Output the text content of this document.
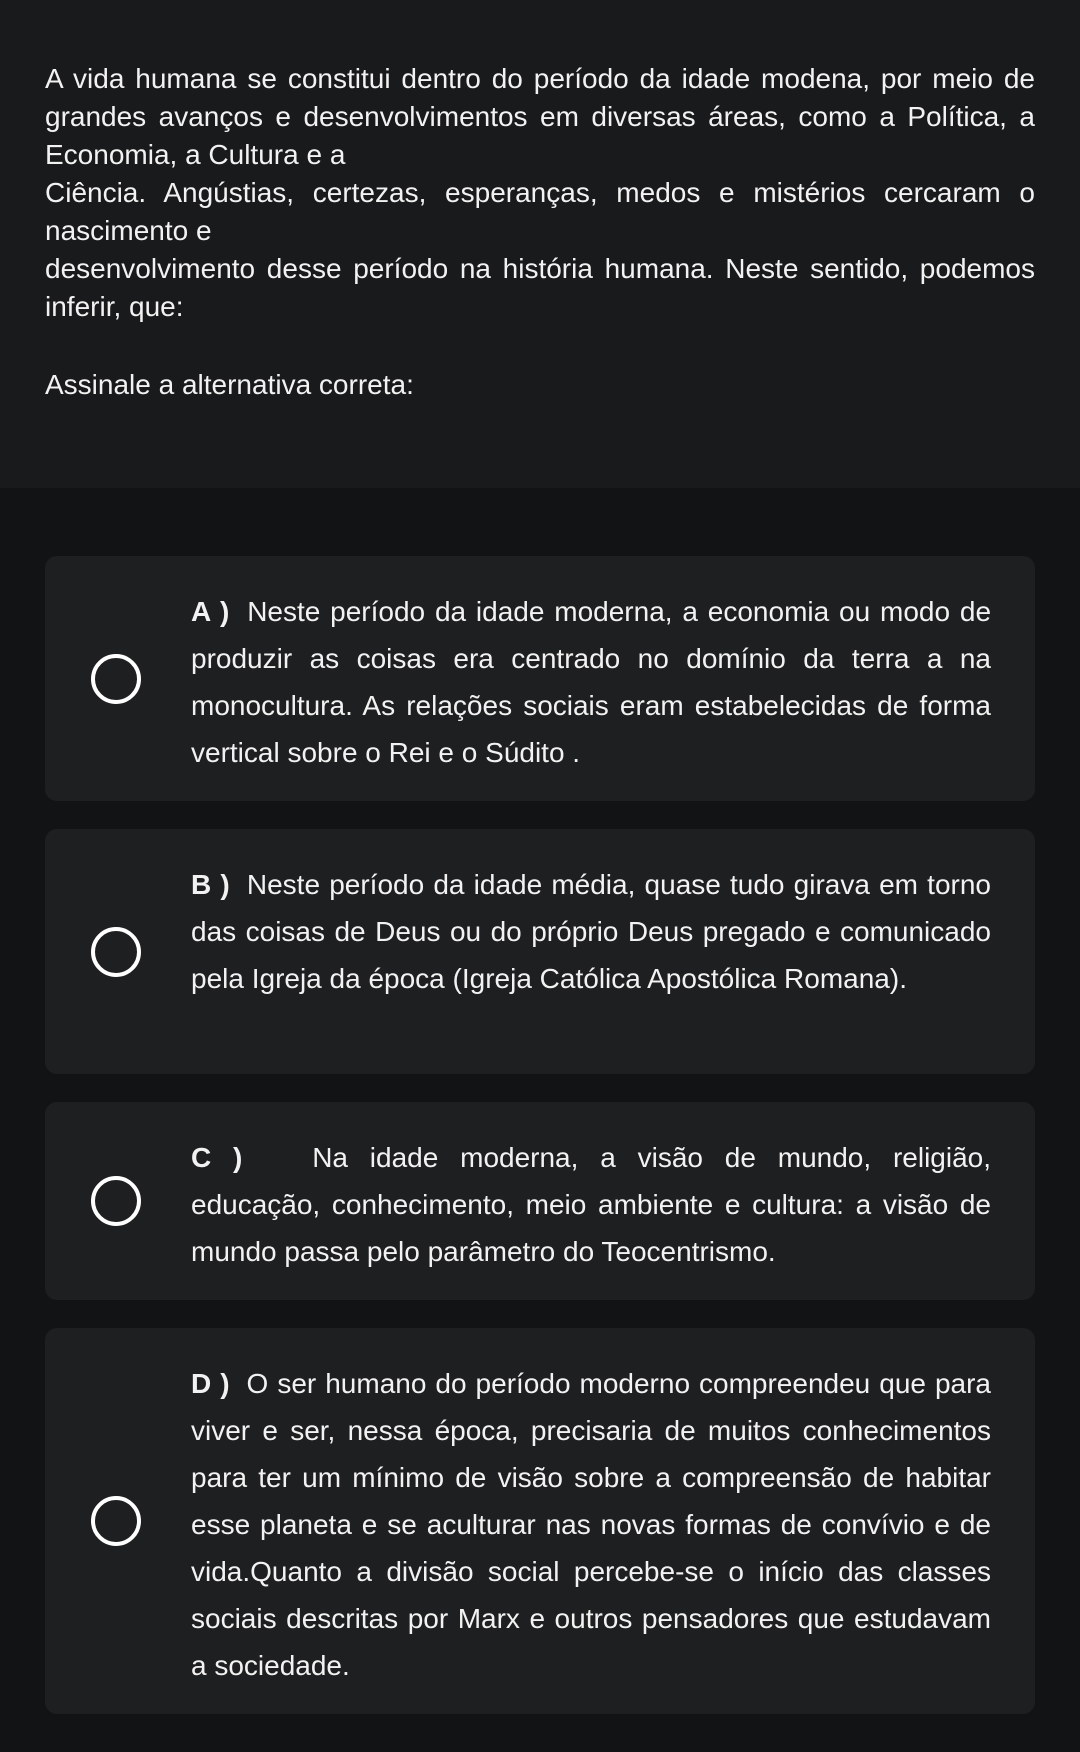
A vida humana se constitui dentro do período da idade modena, por meio de grandes avanços e desenvolvimentos em diversas áreas, como a Política, a Economia, a Cultura e a

Ciência. Angústias, certezas, esperanças, medos e mistérios cercaram o nascimento e

desenvolvimento desse período na história humana. Neste sentido, podemos inferir, que:

Assinale a alternativa correta:
A ) Neste período da idade moderna, a economia ou modo de produzir as coisas era centrado no domínio da terra a na monocultura. As relações sociais eram estabelecidas de forma vertical sobre o Rei e o Súdito .
B ) Neste período da idade média, quase tudo girava em torno das coisas de Deus ou do próprio Deus pregado e comunicado pela Igreja da época (Igreja Católica Apostólica Romana).
C ) Na idade moderna, a visão de mundo, religião, educação, conhecimento, meio ambiente e cultura: a visão de mundo passa pelo parâmetro do Teocentrismo.
D ) O ser humano do período moderno compreendeu que para viver e ser, nessa época, precisaria de muitos conhecimentos para ter um mínimo de visão sobre a compreensão de habitar esse planeta e se aculturar nas novas formas de convívio e de vida.Quanto a divisão social percebe-se o início das classes sociais descritas por Marx e outros pensadores que estudavam a sociedade.
